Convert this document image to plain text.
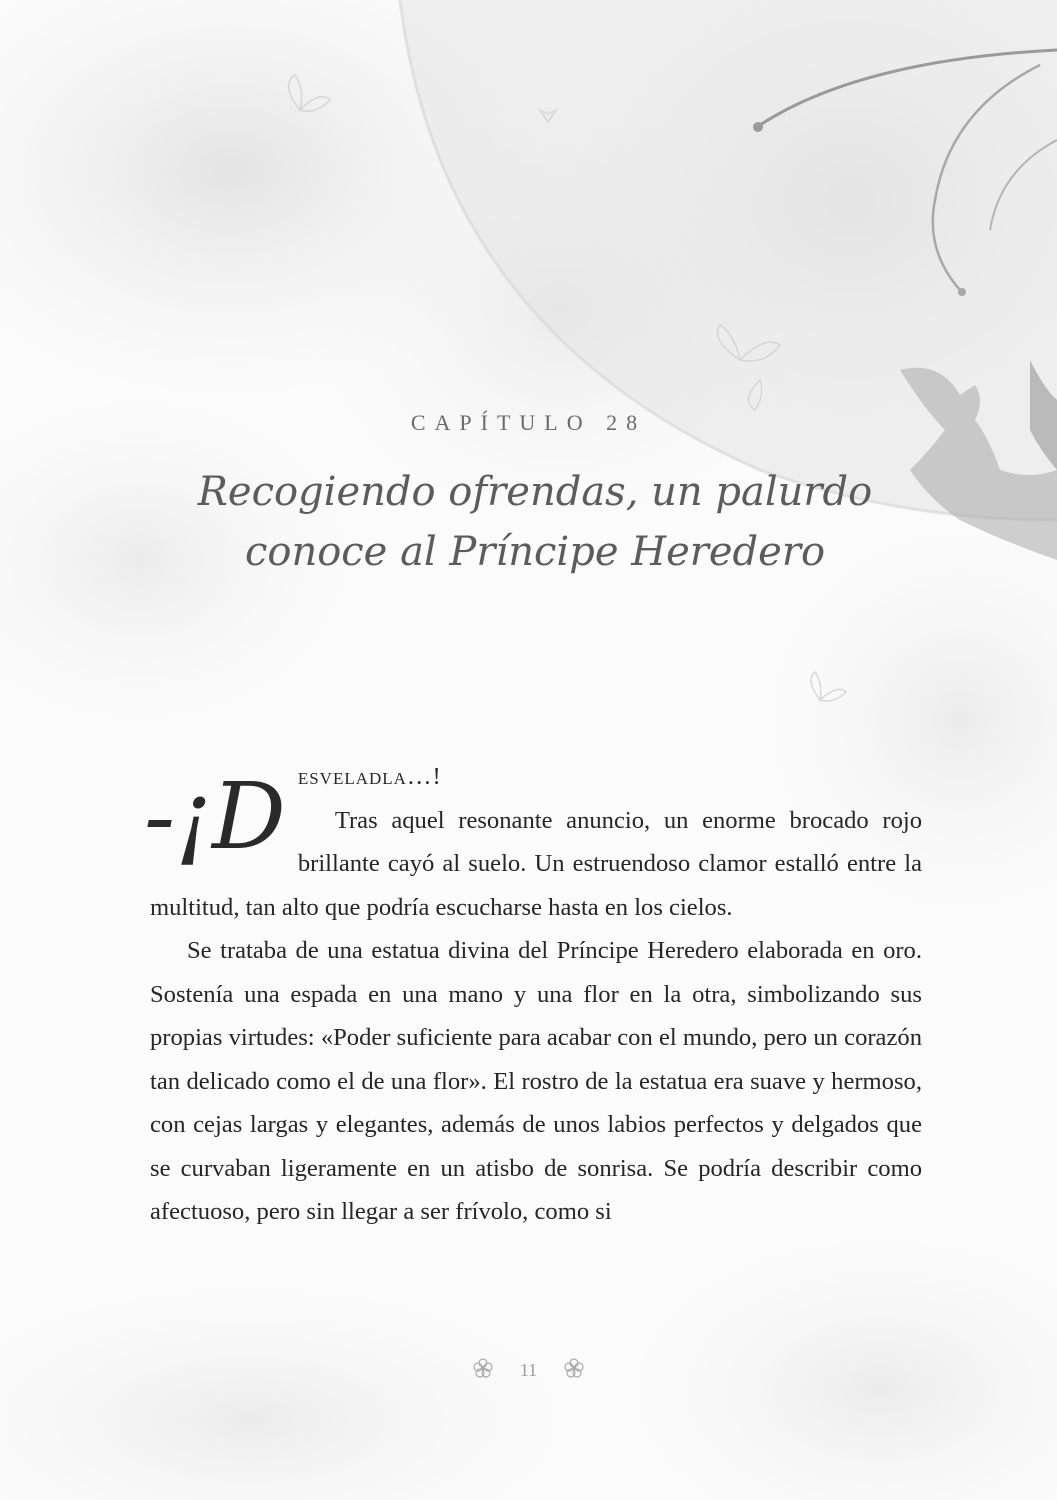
CAPÍTULO 28
Recogiendo ofrendas, un palurdo
conoce al Príncipe Heredero
-¡D esveladla…!

Tras aquel resonante anuncio, un enorme brocado rojo brillante cayó al suelo. Un estruendoso clamor estalló entre la multitud, tan alto que podría escucharse hasta en los cielos.

Se trataba de una estatua divina del Príncipe Heredero elaborada en oro. Sostenía una espada en una mano y una flor en la otra, simbolizando sus propias virtudes: «Poder suficiente para acabar con el mundo, pero un corazón tan delicado como el de una flor». El rostro de la estatua era suave y hermoso, con cejas largas y elegantes, además de unos labios perfectos y delgados que se curvaban ligeramente en un atisbo de sonrisa. Se podría describir como afectuoso, pero sin llegar a ser frívolo, como si

11
